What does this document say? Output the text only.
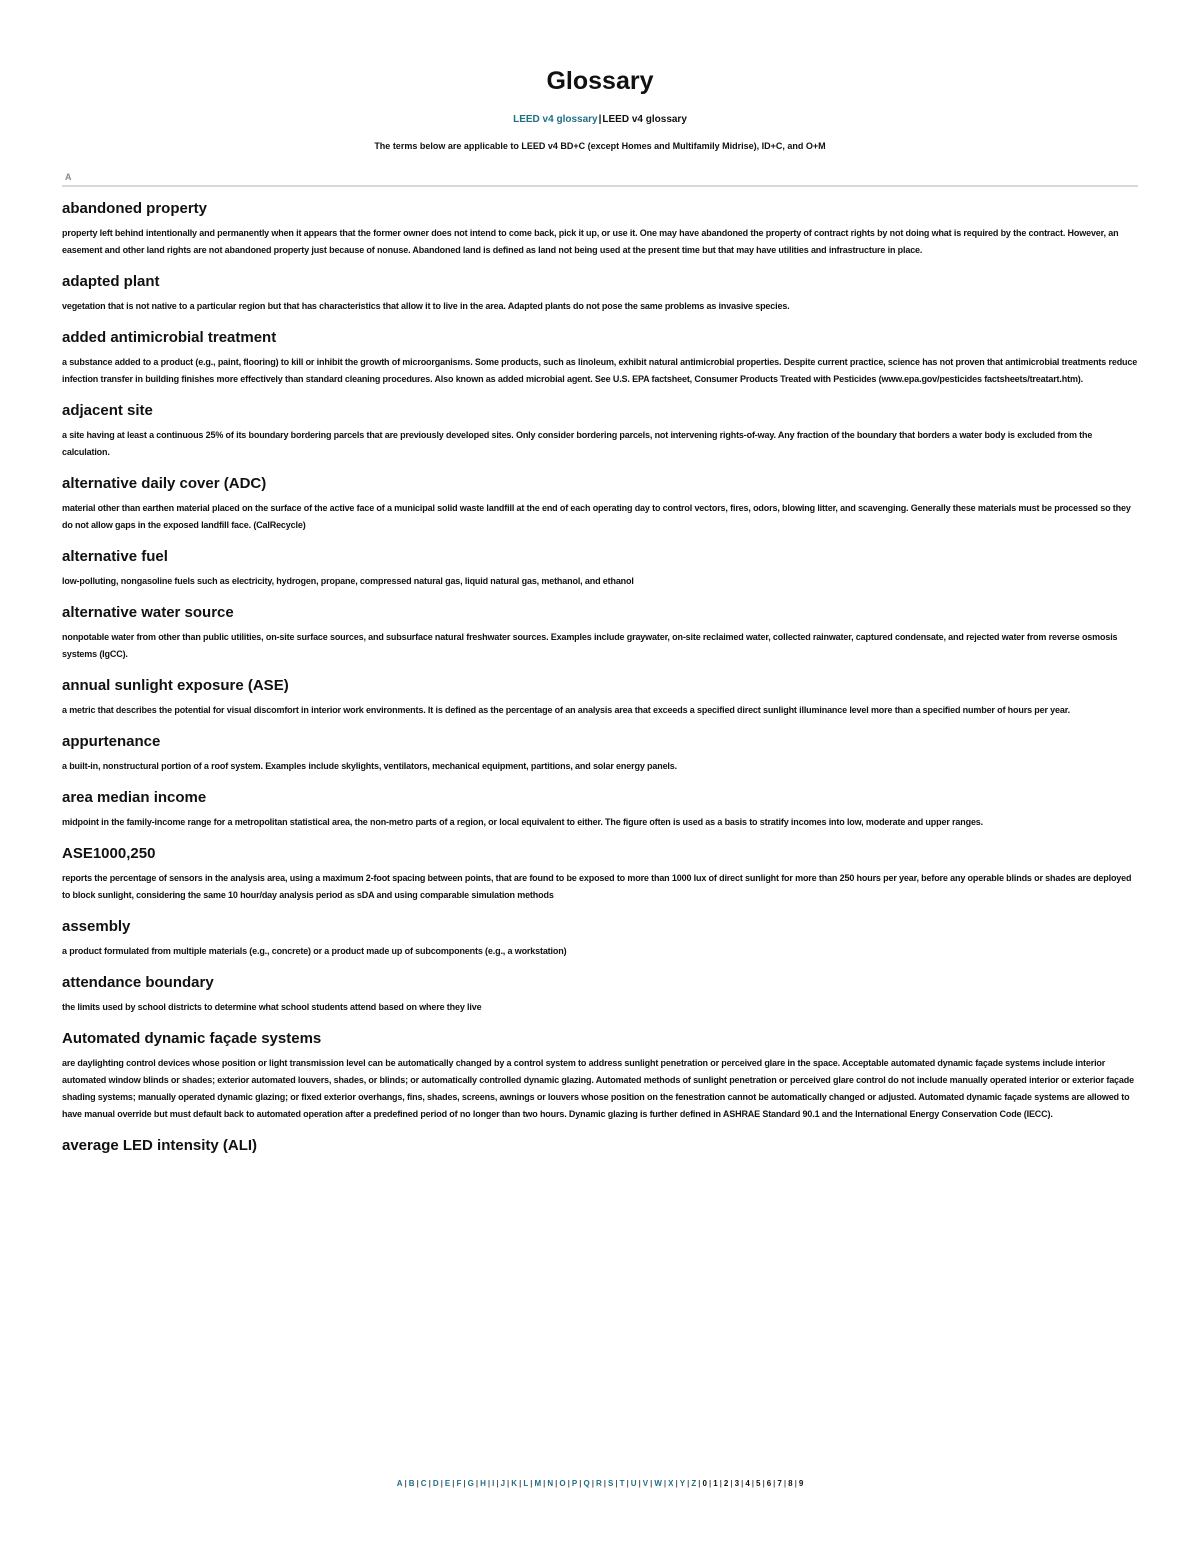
Glossary
LEED v4 glossary|LEED v4 glossary
The terms below are applicable to LEED v4 BD+C (except Homes and Multifamily Midrise), ID+C, and O+M
A
abandoned property

property left behind intentionally and permanently when it appears that the former owner does not intend to come back, pick it up, or use it. One may have abandoned the property of contract rights by not doing what is required by the contract. However, an easement and other land rights are not abandoned property just because of nonuse. Abandoned land is defined as land not being used at the present time but that may have utilities and infrastructure in place.

adapted plant

vegetation that is not native to a particular region but that has characteristics that allow it to live in the area. Adapted plants do not pose the same problems as invasive species.

added antimicrobial treatment

a substance added to a product (e.g., paint, flooring) to kill or inhibit the growth of microorganisms. Some products, such as linoleum, exhibit natural antimicrobial properties. Despite current practice, science has not proven that antimicrobial treatments reduce infection transfer in building finishes more effectively than standard cleaning procedures. Also known as added microbial agent. See U.S. EPA factsheet, Consumer Products Treated with Pesticides (www.epa.gov/pesticides factsheets/treatart.htm).

adjacent site

a site having at least a continuous 25% of its boundary bordering parcels that are previously developed sites. Only consider bordering parcels, not intervening rights-of-way. Any fraction of the boundary that borders a water body is excluded from the calculation.

alternative daily cover (ADC)

material other than earthen material placed on the surface of the active face of a municipal solid waste landfill at the end of each operating day to control vectors, fires, odors, blowing litter, and scavenging. Generally these materials must be processed so they do not allow gaps in the exposed landfill face. (CalRecycle)

alternative fuel

low-polluting, nongasoline fuels such as electricity, hydrogen, propane, compressed natural gas, liquid natural gas, methanol, and ethanol

alternative water source

nonpotable water from other than public utilities, on-site surface sources, and subsurface natural freshwater sources. Examples include graywater, on-site reclaimed water, collected rainwater, captured condensate, and rejected water from reverse osmosis systems (IgCC).

annual sunlight exposure (ASE)

a metric that describes the potential for visual discomfort in interior work environments. It is defined as the percentage of an analysis area that exceeds a specified direct sunlight illuminance level more than a specified number of hours per year.

appurtenance

a built-in, nonstructural portion of a roof system. Examples include skylights, ventilators, mechanical equipment, partitions, and solar energy panels.

area median income

midpoint in the family-income range for a metropolitan statistical area, the non-metro parts of a region, or local equivalent to either. The figure often is used as a basis to stratify incomes into low, moderate and upper ranges.

ASE1000,250

reports the percentage of sensors in the analysis area, using a maximum 2-foot spacing between points, that are found to be exposed to more than 1000 lux of direct sunlight for more than 250 hours per year, before any operable blinds or shades are deployed to block sunlight, considering the same 10 hour/day analysis period as sDA and using comparable simulation methods

assembly

a product formulated from multiple materials (e.g., concrete) or a product made up of subcomponents (e.g., a workstation)

attendance boundary

the limits used by school districts to determine what school students attend based on where they live

Automated dynamic façade systems

are daylighting control devices whose position or light transmission level can be automatically changed by a control system to address sunlight penetration or perceived glare in the space. Acceptable automated dynamic façade systems include interior automated window blinds or shades; exterior automated louvers, shades, or blinds; or automatically controlled dynamic glazing. Automated methods of sunlight penetration or perceived glare control do not include manually operated interior or exterior façade shading systems; manually operated dynamic glazing; or fixed exterior overhangs, fins, shades, screens, awnings or louvers whose position on the fenestration cannot be automatically changed or adjusted. Automated dynamic façade systems are allowed to have manual override but must default back to automated operation after a predefined period of no longer than two hours. Dynamic glazing is further defined in ASHRAE Standard 90.1 and the International Energy Conservation Code (IECC).

average LED intensity (ALI)
A | B | C | D | E | F | G | H | I | J | K | L | M | N | O | P | Q | R | S | T | U | V | W | X | Y | Z | 0 | 1 | 2 | 3 | 4 | 5 | 6 | 7 | 8 | 9
